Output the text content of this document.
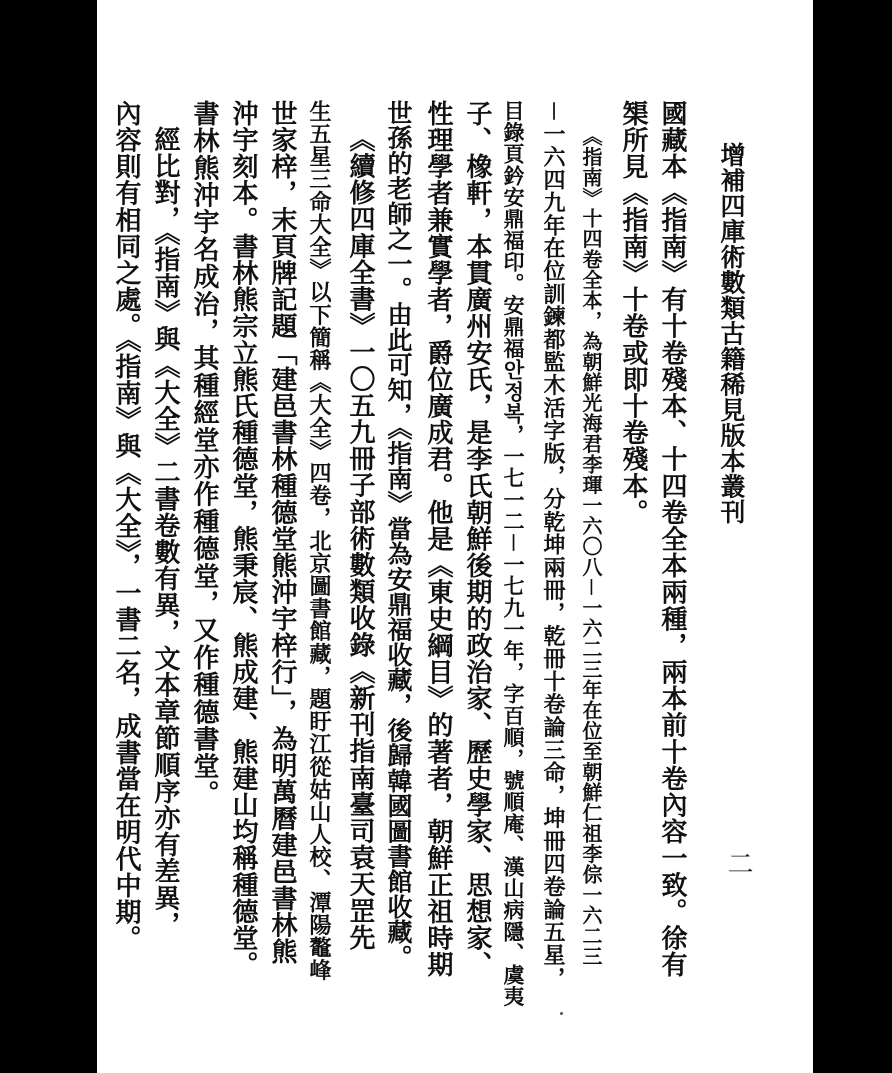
增補四庫術數類古籍稀見版本叢刊
二
國藏本《指南》有十卷殘本、十四卷全本兩種，兩本前十卷內容一致。徐有
榘所見《指南》十卷或即十卷殘本。
《指南》十四卷全本，為朝鮮光海君李琿一六〇八－一六二三年在位至朝鮮仁祖李倧一六二三
－一六四九年在位訓鍊都監木活字版，分乾坤兩冊，乾冊十卷論三命，坤冊四卷論五星，
目錄頁鈐安鼎福印。安鼎福안정복，一七一二－一七九一年，字百順，號順庵、漢山病隱、虞夷
子、橡軒，本貫廣州安氏，是李氏朝鮮後期的政治家、歷史學家、思想家、
性理學者兼實學者，爵位廣成君。他是《東史綱目》的著者，朝鮮正祖時期
世孫的老師之一。由此可知，《指南》當為安鼎福收藏，後歸韓國圖書館收藏。
《續修四庫全書》一〇五九冊子部術數類收錄《新刊指南臺司袁天罡先
生五星三命大全》以下簡稱《大全》四卷，北京圖書館藏，題盱江從姑山人校、潭陽鼇峰
世家梓，末頁牌記題「建邑書林種德堂熊沖宇梓行」，為明萬曆建邑書林熊
沖宇刻本。書林熊宗立熊氏種德堂，熊秉宸、熊成建、熊建山均稱種德堂。
書林熊沖宇名成治，其種經堂亦作種德堂，又作種德書堂。
經比對，《指南》與《大全》二書卷數有異，文本章節順序亦有差異，
內容則有相同之處。《指南》與《大全》，一書二名，成書當在明代中期。
